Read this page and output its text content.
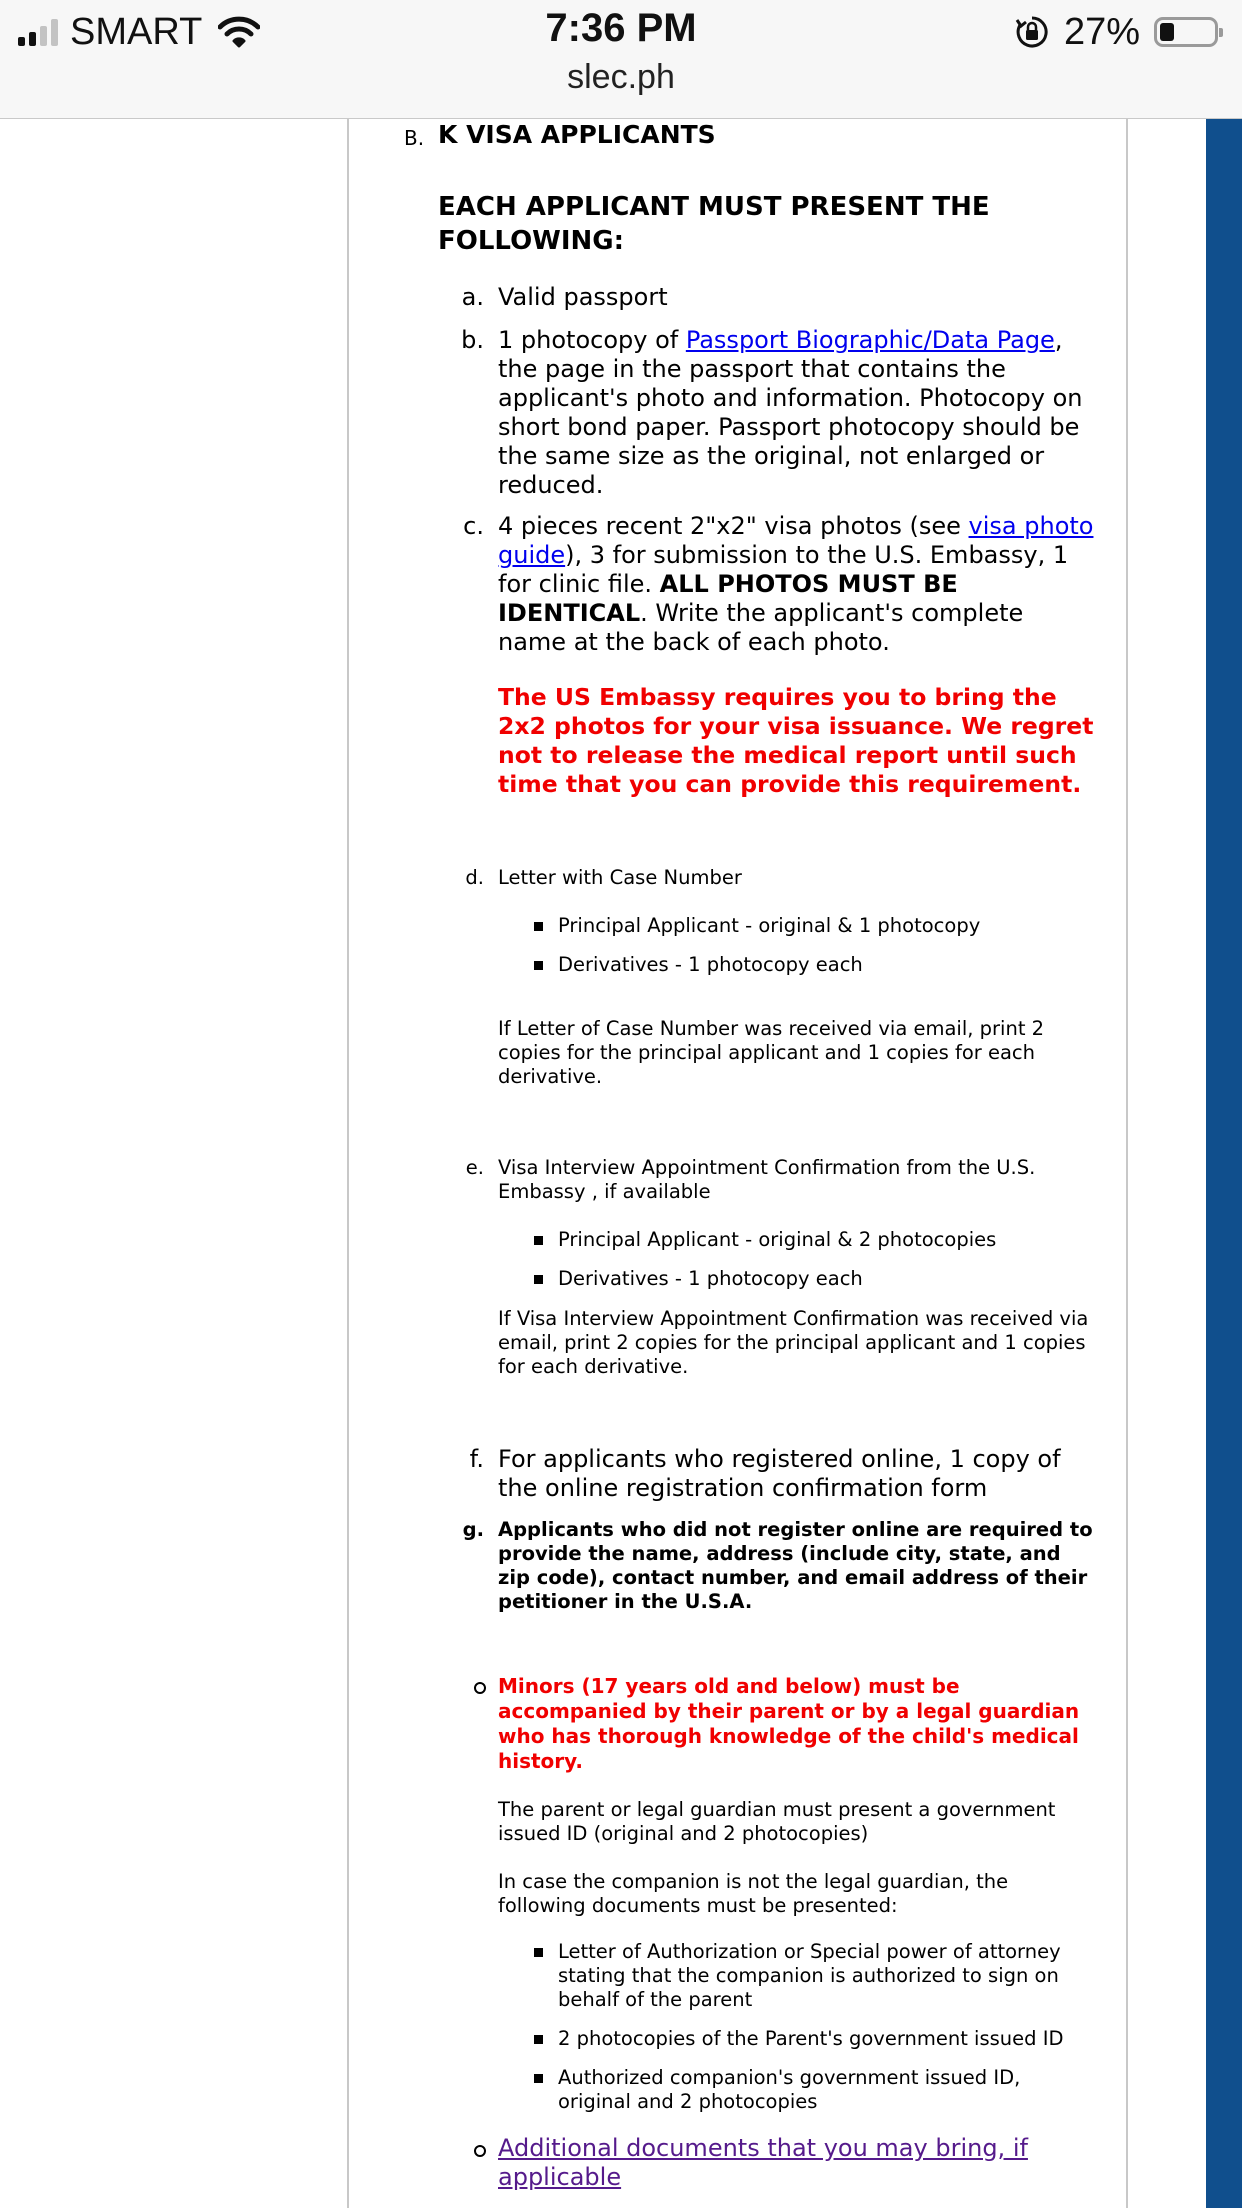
SMART	7:36 PM
slec.ph
27%
B. K VISA APPLICANTS
EACH APPLICANT MUST PRESENT THE FOLLOWING:
a. Valid passport
b. 1 photocopy of Passport Biographic/Data Page, the page in the passport that contains the applicant's photo and information. Photocopy on short bond paper. Passport photocopy should be the same size as the original, not enlarged or reduced.
c. 4 pieces recent 2"x2" visa photos (see visa photo guide), 3 for submission to the U.S. Embassy, 1 for clinic file. ALL PHOTOS MUST BE IDENTICAL. Write the applicant's complete name at the back of each photo.
The US Embassy requires you to bring the 2x2 photos for your visa issuance. We regret not to release the medical report until such time that you can provide this requirement.
d. Letter with Case Number
Principal Applicant - original & 1 photocopy
Derivatives - 1 photocopy each
If Letter of Case Number was received via email, print 2 copies for the principal applicant and 1 copies for each derivative.
e. Visa Interview Appointment Confirmation from the U.S. Embassy , if available
Principal Applicant - original & 2 photocopies
Derivatives - 1 photocopy each
If Visa Interview Appointment Confirmation was received via email, print 2 copies for the principal applicant and 1 copies for each derivative.
f. For applicants who registered online, 1 copy of the online registration confirmation form
g. Applicants who did not register online are required to provide the name, address (include city, state, and zip code), contact number, and email address of their petitioner in the U.S.A.
Minors (17 years old and below) must be accompanied by their parent or by a legal guardian who has thorough knowledge of the child's medical history.
The parent or legal guardian must present a government issued ID (original and 2 photocopies)
In case the companion is not the legal guardian, the following documents must be presented:
Letter of Authorization or Special power of attorney stating that the companion is authorized to sign on behalf of the parent
2 photocopies of the Parent's government issued ID
Authorized companion's government issued ID, original and 2 photocopies
Additional documents that you may bring, if applicable
